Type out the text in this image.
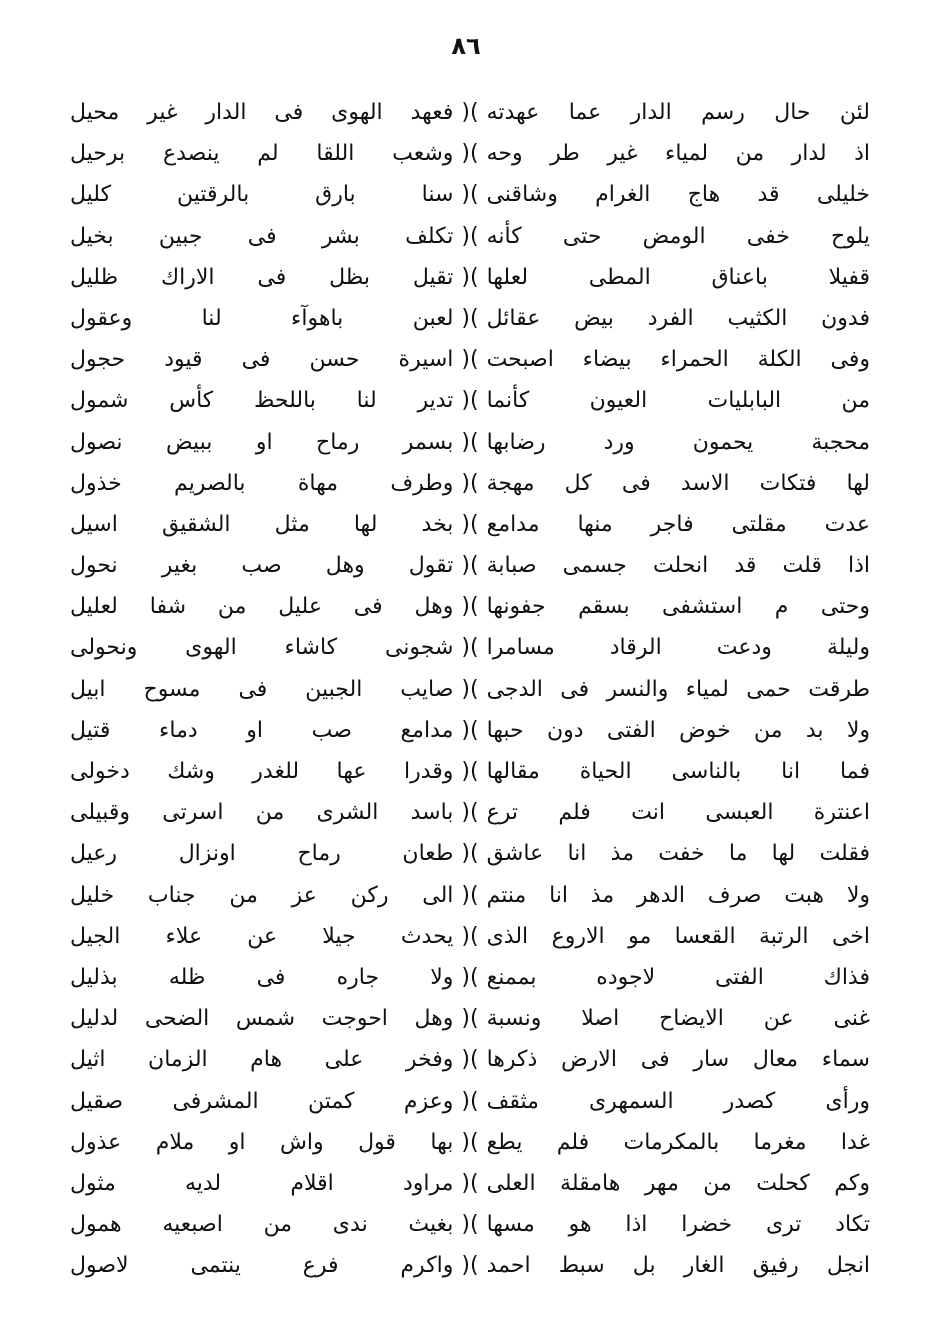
٨٦
لئن حال رسم الدار عما عهدته
)(
فعهد الهوى فى الدار غير محيل
اذ لدار من لمياء غير طر وحه
)(
وشعب اللقا لم ينصدع برحيل
خليلى قد هاج الغرام وشاقنى
)(
سنا بارق بالرقتين كليل
يلوح خفى الومض حتى كأنه
)(
تكلف بشر فى جبين بخيل
قفيلا باعناق المطى لعلها
)(
تقيل بظل فى الاراك ظليل
فدون الكثيب الفرد بيض عقائل
)(
لعبن باهوآء لنا وعقول
وفى الكلة الحمراء بيضاء اصبحت
)(
اسيرة حسن فى قيود حجول
من البابليات العيون كأنما
)(
تدير لنا باللحظ كأس شمول
محجبة يحمون ورد رضابها
)(
بسمر رماح او ببيض نصول
لها فتكات الاسد فى كل مهجة
)(
وطرف مهاة بالصريم خذول
عدت مقلتى فاجر منها مدامع
)(
بخد لها مثل الشقيق اسيل
اذا قلت قد انحلت جسمى صبابة
)(
تقول وهل صب بغير نحول
وحتى م استشفى بسقم جفونها
)(
وهل فى عليل من شفا لعليل
وليلة ودعت الرقاد مسامرا
)(
شجونى كاشاء الهوى ونحولى
طرقت حمى لمياء والنسر فى الدجى
)(
صايب الجبين فى مسوح ابيل
ولا بد من خوض الفتى دون حبها
)(
مدامع صب او دماء قتيل
فما انا بالناسى الحياة مقالها
)(
وقدرا عها للغدر وشك دخولى
اعنترة العبسى انت فلم ترع
)(
باسد الشرى من اسرتى وقبيلى
فقلت لها ما خفت مذ انا عاشق
)(
طعان رماح اونزال رعيل
ولا هبت صرف الدهر مذ انا منتم
)(
الى ركن عز من جناب خليل
اخى الرتبة القعسا مو الاروع الذى
)(
يحدث جيلا عن علاء الجيل
فذاك الفتى لاجوده بممنع
)(
ولا جاره فى ظله بذليل
غنى عن الايضاح اصلا ونسبة
)(
وهل احوجت شمس الضحى لدليل
سماء معال سار فى الارض ذكرها
)(
وفخر على هام الزمان اثيل
ورأى كصدر السمهرى مثقف
)(
وعزم كمتن المشرفى صقيل
غدا مغرما بالمكرمات فلم يطع
)(
بها قول واش او ملام عذول
وكم كحلت من مهر هامقلة العلى
)(
مراود اقلام لديه مثول
تكاد ترى خضرا اذا هو مسها
)(
بغيث ندى من اصبعيه همول
انجل رفيق الغار بل سبط احمد
)(
واكرم فرع ينتمى لاصول
